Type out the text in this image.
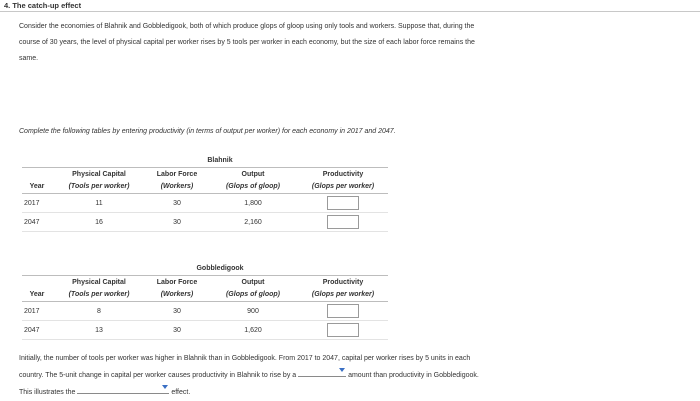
4. The catch-up effect
Consider the economies of Blahnik and Gobbledigook, both of which produce glops of gloop using only tools and workers. Suppose that, during the
course of 30 years, the level of physical capital per worker rises by 5 tools per worker in each economy, but the size of each labor force remains the
same.
Complete the following tables by entering productivity (in terms of output per worker) for each economy in 2017 and 2047.
	Blahnik			
	Physical Capital	Labor Force	Output	Productivity
Year	(Tools per worker)	(Workers)	(Glops of gloop)	(Glops per worker)
2017	11	30	1,800	

2047	16	30	2,160	
	Gobbledigook			
	Physical Capital	Labor Force	Output	Productivity
Year	(Tools per worker)	(Workers)	(Glops of gloop)	(Glops per worker)
2017	8	30	900	

2047	13	30	1,620	
Initially, the number of tools per worker was higher in Blahnik than in Gobbledigook. From 2017 to 2047, capital per worker rises by 5 units in each
country. The 5-unit change in capital per worker causes productivity in Blahnik to rise by a	amount than productivity in Gobbledigook.
This illustrates the	effect.
